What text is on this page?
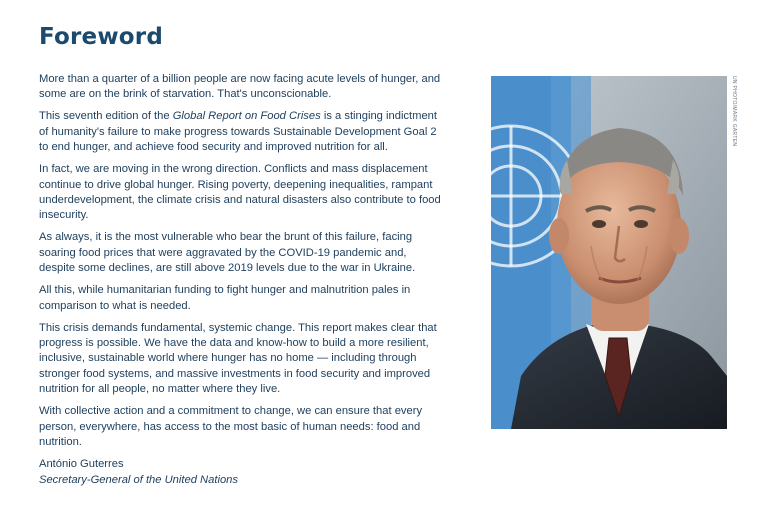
Foreword

More than a quarter of a billion people are now facing acute levels of hunger, and some are on the brink of starvation. That's unconscionable.

This seventh edition of the Global Report on Food Crises is a stinging indictment of humanity's failure to make progress towards Sustainable Development Goal 2 to end hunger, and achieve food security and improved nutrition for all.

In fact, we are moving in the wrong direction. Conflicts and mass displacement continue to drive global hunger. Rising poverty, deepening inequalities, rampant underdevelopment, the climate crisis and natural disasters also contribute to food insecurity.

As always, it is the most vulnerable who bear the brunt of this failure, facing soaring food prices that were aggravated by the COVID-19 pandemic and, despite some declines, are still above 2019 levels due to the war in Ukraine.

All this, while humanitarian funding to fight hunger and malnutrition pales in comparison to what is needed.

This crisis demands fundamental, systemic change. This report makes clear that progress is possible. We have the data and know-how to build a more resilient, inclusive, sustainable world where hunger has no home — including through stronger food systems, and massive investments in food security and improved nutrition for all people, no matter where they live.

With collective action and a commitment to change, we can ensure that every person, everywhere, has access to the most basic of human needs: food and nutrition.

António Guterres
Secretary-General of the United Nations
UN PHOTO/MARK GARTEN
